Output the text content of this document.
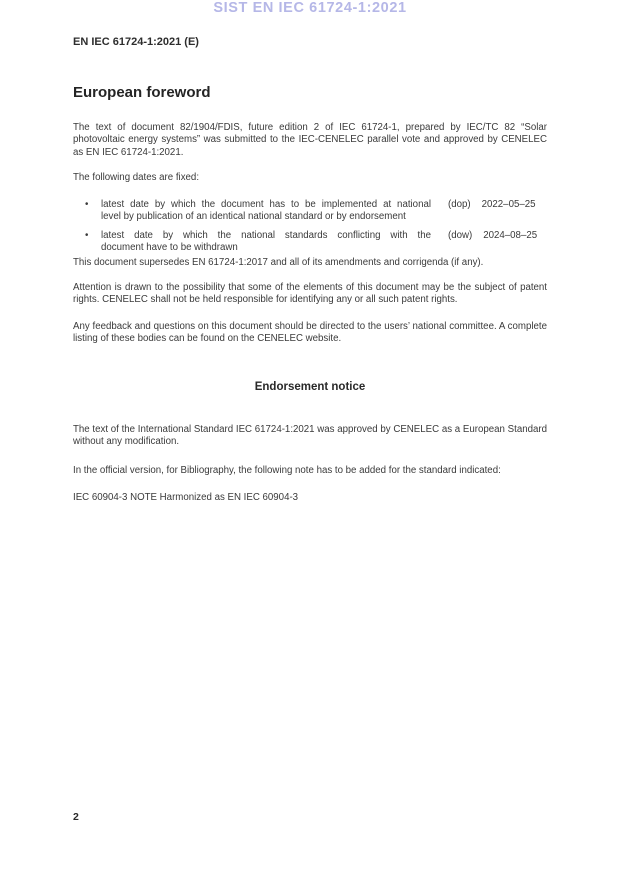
SIST EN IEC 61724-1:2021
EN IEC 61724-1:2021 (E)
European foreword
The text of document 82/1904/FDIS, future edition 2 of IEC 61724-1, prepared by IEC/TC 82 “Solar photovoltaic energy systems” was submitted to the IEC-CENELEC parallel vote and approved by CENELEC as EN IEC 61724-1:2021.
The following dates are fixed:
•	latest date by which the document has to be implemented at national
level by publication of an identical national standard or by endorsement
(dop) 2022–05–25
•	latest date by which the national standards conflicting with the
document have to be withdrawn
(dow) 2024–08–25
This document supersedes EN 61724-1:2017 and all of its amendments and corrigenda (if any).
Attention is drawn to the possibility that some of the elements of this document may be the subject of patent rights. CENELEC shall not be held responsible for identifying any or all such patent rights.
Any feedback and questions on this document should be directed to the users’ national committee. A complete listing of these bodies can be found on the CENELEC website.
Endorsement notice
The text of the International Standard IEC 61724-1:2021 was approved by CENELEC as a European Standard without any modification.
In the official version, for Bibliography, the following note has to be added for the standard indicated:
IEC 60904-3 NOTE Harmonized as EN IEC 60904-3
2
